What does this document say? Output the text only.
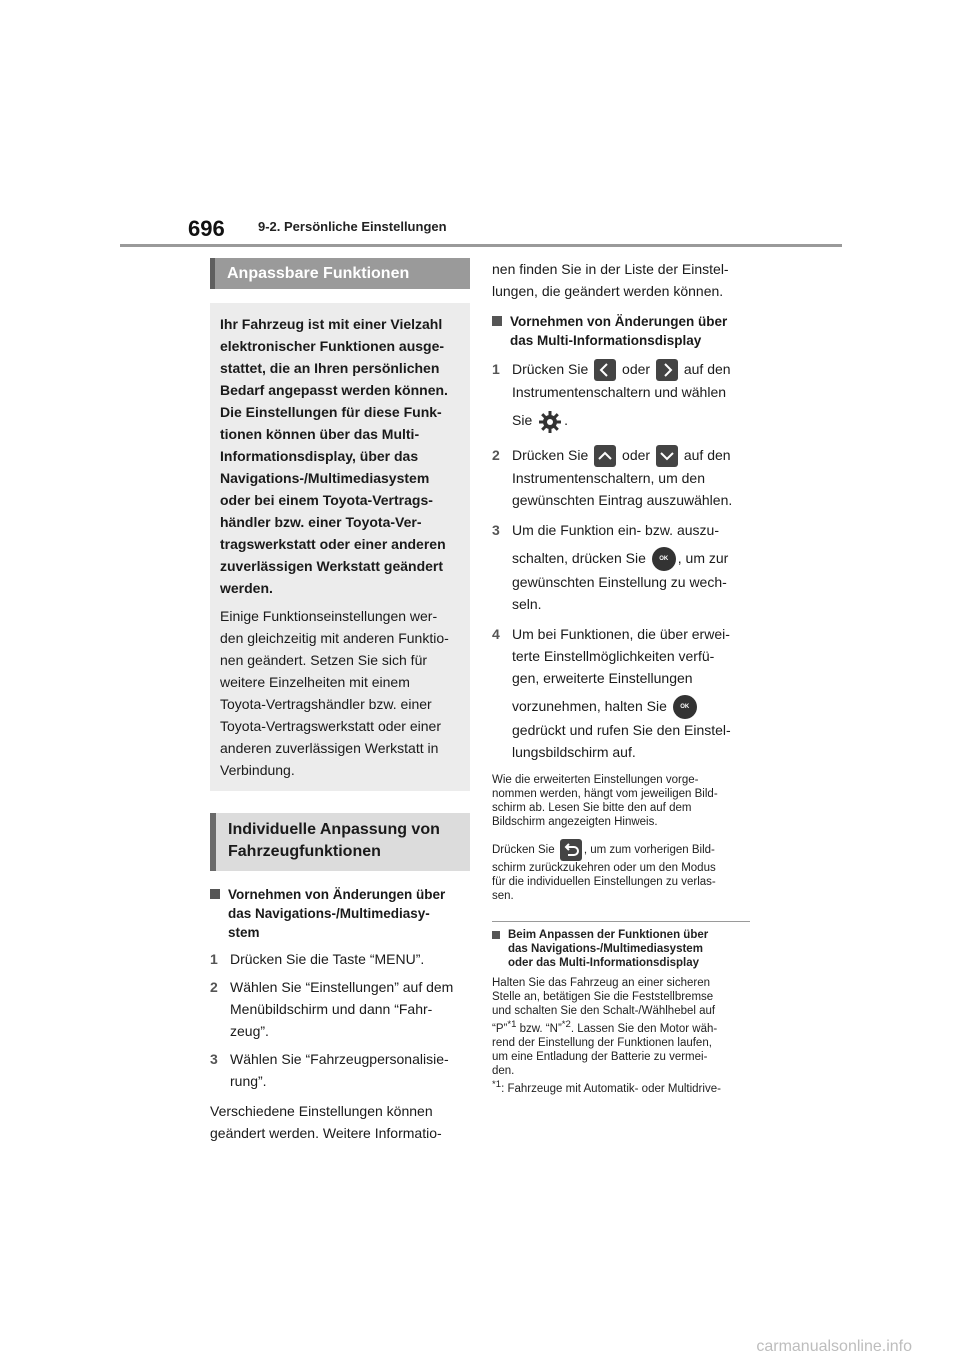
696	9-2. Persönliche Einstellungen
Anpassbare Funktionen

Ihr Fahrzeug ist mit einer Vielzahl
elektronischer Funktionen ausge-
stattet, die an Ihren persönlichen
Bedarf angepasst werden können.
Die Einstellungen für diese Funk-
tionen können über das Multi-
Informationsdisplay, über das
Navigations-/Multimediasystem
oder bei einem Toyota-Vertrags-
händler bzw. einer Toyota-Ver-
tragswerkstatt oder einer anderen
zuverlässigen Werkstatt geändert
werden.

Einige Funktionseinstellungen wer-
den gleichzeitig mit anderen Funktio-
nen geändert. Setzen Sie sich für
weitere Einzelheiten mit einem
Toyota-Vertragshändler bzw. einer
Toyota-Vertragswerkstatt oder einer
anderen zuverlässigen Werkstatt in
Verbindung.

Individuelle Anpassung von
Fahrzeugfunktionen
Vornehmen von Änderungen über
das Navigations-/Multimediasy-
stem
1 Drücken Sie die Taste “MENU”.
2 Wählen Sie “Einstellungen” auf dem
Menübildschirm und dann “Fahr-
zeug”.
3 Wählen Sie “Fahrzeugpersonalisie-
rung”.
Verschiedene Einstellungen können
geändert werden. Weitere Informatio-
nen finden Sie in der Liste der Einstel-
lungen, die geändert werden können.
Vornehmen von Änderungen über
das Multi-Informationsdisplay
1 Drücken Sie oder auf den
Instrumentenschaltern und wählen
Sie .
2 Drücken Sie oder auf den
Instrumentenschaltern, um den
gewünschten Eintrag auszuwählen.
3 Um die Funktion ein- bzw. auszu-
schalten, drücken Sie OK , um zur
gewünschten Einstellung zu wech-
seln.
4 Um bei Funktionen, die über erwei-
terte Einstellmöglichkeiten verfü-
gen, erweiterte Einstellungen
vorzunehmen, halten Sie OK
gedrückt und rufen Sie den Einstel-
lungsbildschirm auf.
Wie die erweiterten Einstellungen vorge-
nommen werden, hängt vom jeweiligen Bild-
schirm ab. Lesen Sie bitte den auf dem
Bildschirm angezeigten Hinweis.
Drücken Sie	, um zum vorherigen Bild-
schirm zurückzukehren oder um den Modus
für die individuellen Einstellungen zu verlas-
sen.
Beim Anpassen der Funktionen über
das Navigations-/Multimediasystem
oder das Multi-Informationsdisplay
Halten Sie das Fahrzeug an einer sicheren
Stelle an, betätigen Sie die Feststellbremse
und schalten Sie den Schalt-/Wählhebel auf
“P”$^{*1}$ bzw. “N”$^{*2}$. Lassen Sie den Motor wäh-
rend der Einstellung der Funktionen laufen,
um eine Entladung der Batterie zu vermei-
den.
$^{*1}$: Fahrzeuge mit Automatik- oder Multidrive-
carmanualsonline.info
